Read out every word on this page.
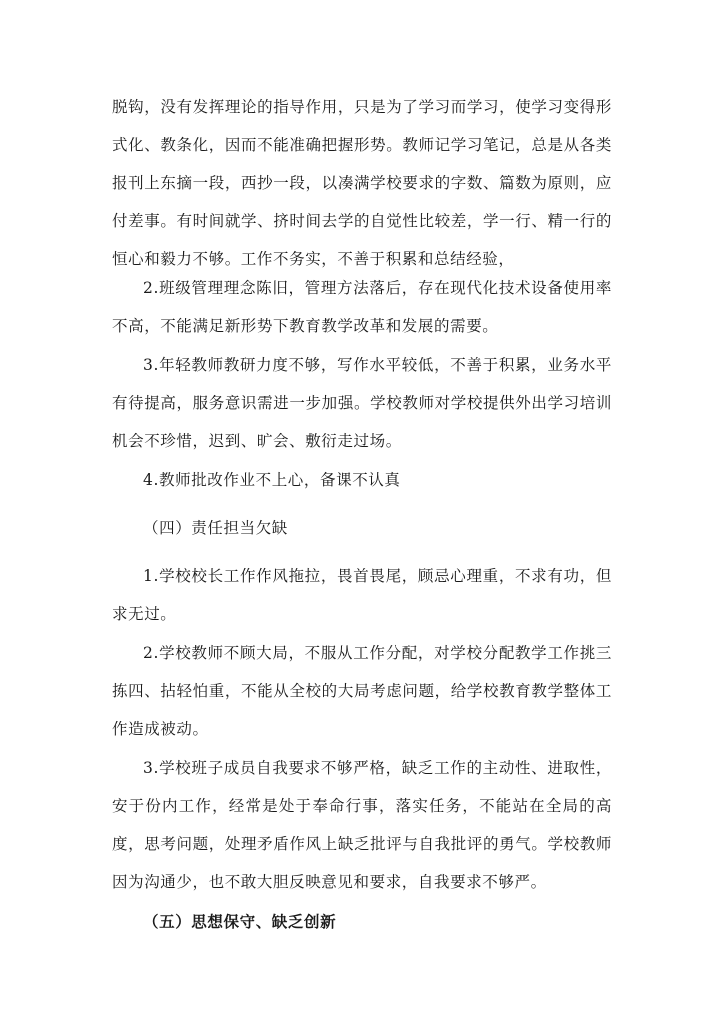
脱钩，没有发挥理论的指导作用，只是为了学习而学习，使学习变得形式化、教条化，因而不能准确把握形势。教师记学习笔记，总是从各类报刊上东摘一段，西抄一段，以凑满学校要求的字数、篇数为原则，应付差事。有时间就学、挤时间去学的自觉性比较差，学一行、精一行的恒心和毅力不够。工作不务实，不善于积累和总结经验，

2.班级管理理念陈旧，管理方法落后，存在现代化技术设备使用率不高，不能满足新形势下教育教学改革和发展的需要。

3.年轻教师教研力度不够，写作水平较低，不善于积累，业务水平有待提高，服务意识需进一步加强。学校教师对学校提供外出学习培训机会不珍惜，迟到、旷会、敷衍走过场。

4.教师批改作业不上心，备课不认真

（四）责任担当欠缺

1.学校校长工作作风拖拉，畏首畏尾，顾忌心理重，不求有功，但求无过。

2.学校教师不顾大局，不服从工作分配，对学校分配教学工作挑三拣四、拈轻怕重，不能从全校的大局考虑问题，给学校教育教学整体工作造成被动。

3.学校班子成员自我要求不够严格，缺乏工作的主动性、进取性，安于份内工作，经常是处于奉命行事，落实任务，不能站在全局的高度，思考问题，处理矛盾作风上缺乏批评与自我批评的勇气。学校教师因为沟通少，也不敢大胆反映意见和要求，自我要求不够严。

（五）思想保守、缺乏创新
